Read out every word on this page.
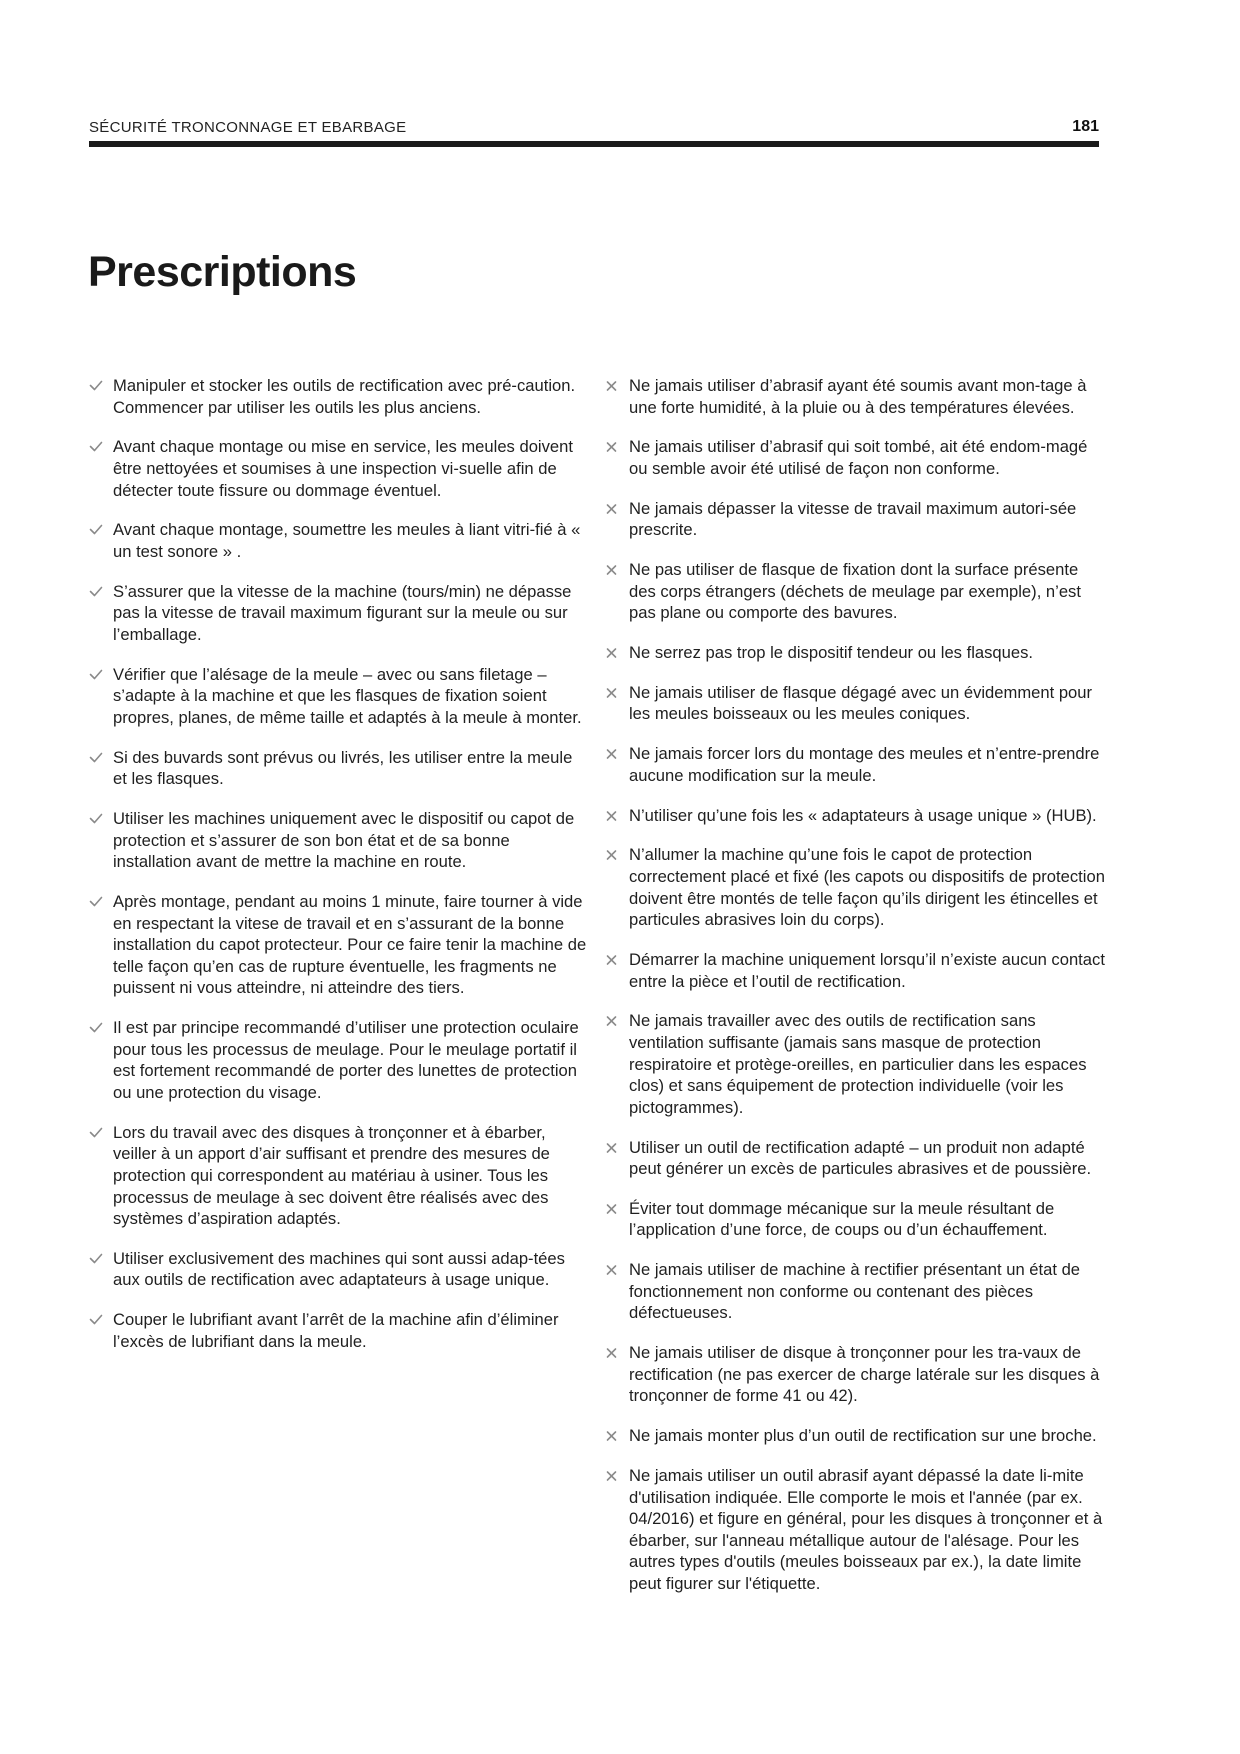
SÉCURITÉ TRONCONNAGE ET EBARBAGE	181
Prescriptions
Manipuler et stocker les outils de rectification avec pré-caution. Commencer par utiliser les outils les plus anciens.
Avant chaque montage ou mise en service, les meules doivent être nettoyées et soumises à une inspection vi-suelle afin de détecter toute fissure ou dommage éventuel.
Avant chaque montage, soumettre les meules à liant vitri-fié à « un test sonore » .
S’assurer que la vitesse de la machine (tours/min) ne dépasse pas la vitesse de travail maximum figurant sur la meule ou sur l’emballage.
Vérifier que l’alésage de la meule – avec ou sans filetage – s’adapte à la machine et que les flasques de fixation soient propres, planes, de même taille et adaptés à la meule à monter.
Si des buvards sont prévus ou livrés, les utiliser entre la meule et les flasques.
Utiliser les machines uniquement avec le dispositif ou capot de protection et s’assurer de son bon état et de sa bonne installation avant de mettre la machine en route.
Après montage, pendant au moins 1 minute, faire tourner à vide en respectant la vitese de travail et en s’assurant de la bonne installation du capot protecteur. Pour ce faire tenir la machine de telle façon qu’en cas de rupture éventuelle, les fragments ne puissent ni vous atteindre, ni atteindre des tiers.
Il est par principe recommandé d’utiliser une protection oculaire pour tous les processus de meulage. Pour le meulage portatif il est fortement recommandé de porter des lunettes de protection ou une protection du visage.
Lors du travail avec des disques à tronçonner et à ébarber, veiller à un apport d’air suffisant et prendre des mesures de protection qui correspondent au matériau à usiner. Tous les processus de meulage à sec doivent être réalisés avec des systèmes d’aspiration adaptés.
Utiliser exclusivement des machines qui sont aussi adap-tées aux outils de rectification avec adaptateurs à usage unique.
Couper le lubrifiant avant l’arrêt de la machine afin d’éliminer l’excès de lubrifiant dans la meule.
Ne jamais utiliser d’abrasif ayant été soumis avant mon-tage à une forte humidité, à la pluie ou à des températures élevées.
Ne jamais utiliser d’abrasif qui soit tombé, ait été endom-magé ou semble avoir été utilisé de façon non conforme.
Ne jamais dépasser la vitesse de travail maximum autori-sée prescrite.
Ne pas utiliser de flasque de fixation dont la surface présente des corps étrangers (déchets de meulage par exemple), n’est pas plane ou comporte des bavures.
Ne serrez pas trop le dispositif tendeur ou les flasques.
Ne jamais utiliser de flasque dégagé avec un évidemment pour les meules boisseaux ou les meules coniques.
Ne jamais forcer lors du montage des meules et n’entre-prendre aucune modification sur la meule.
N’utiliser qu’une fois les « adaptateurs à usage unique » (HUB).
N’allumer la machine qu’une fois le capot de protection correctement placé et fixé (les capots ou dispositifs de protection doivent être montés de telle façon qu’ils dirigent les étincelles et particules abrasives loin du corps).
Démarrer la machine uniquement lorsqu’il n’existe aucun contact entre la pièce et l’outil de rectification.
Ne jamais travailler avec des outils de rectification sans ventilation suffisante (jamais sans masque de protection respiratoire et protège-oreilles, en particulier dans les espaces clos) et sans équipement de protection individuelle (voir les pictogrammes).
Utiliser un outil de rectification adapté – un produit non adapté peut générer un excès de particules abrasives et de poussière.
Éviter tout dommage mécanique sur la meule résultant de l’application d’une force, de coups ou d’un échauffement.
Ne jamais utiliser de machine à rectifier présentant un état de fonctionnement non conforme ou contenant des pièces défectueuses.
Ne jamais utiliser de disque à tronçonner pour les tra-vaux de rectification (ne pas exercer de charge latérale sur les disques à tronçonner de forme 41 ou 42).
Ne jamais monter plus d’un outil de rectification sur une broche.
Ne jamais utiliser un outil abrasif ayant dépassé la date li-mite d'utilisation indiquée. Elle comporte le mois et l'année (par ex. 04/2016) et figure en général, pour les disques à tronçonner et à ébarber, sur l'anneau métallique autour de l'alésage. Pour les autres types d'outils (meules boisseaux par ex.), la date limite peut figurer sur l'étiquette.
